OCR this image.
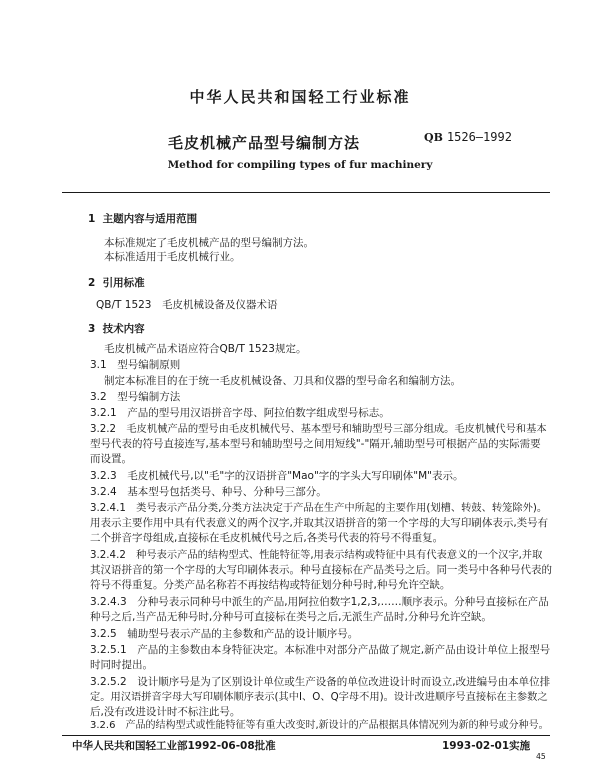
中华人民共和国轻工行业标准
毛皮机械产品型号编制方法	QB 1526—1992
Method for compiling types of fur machinery
1 主题内容与适用范围
本标准规定了毛皮机械产品的型号编制方法。
本标准适用于毛皮机械行业。
2 引用标准
QB/T 1523　毛皮机械设备及仪器术语
3 技术内容
毛皮机械产品术语应符合QB/T 1523规定。
3.1　型号编制原则
制定本标准目的在于统一毛皮机械设备、刀具和仪器的型号命名和编制方法。
3.2　型号编制方法
3.2.1　产品的型号用汉语拼音字母、阿拉伯数字组成型号标志。
3.2.2　毛皮机械产品的型号由毛皮机械代号、基本型号和辅助型号三部分组成。毛皮机械代号和基本
型号代表的符号直接连写,基本型号和辅助型号之间用短线"-"隔开,辅助型号可根据产品的实际需要
而设置。
3.2.3　毛皮机械代号,以"毛"字的汉语拼音"Mao"字的字头大写印刷体"M"表示。
3.2.4　基本型号包括类号、种号、分种号三部分。
3.2.4.1　类号表示产品分类,分类方法决定于产品在生产中所起的主要作用(划槽、转鼓、转笼除外)。
用表示主要作用中具有代表意义的两个汉字,并取其汉语拼音的第一个字母的大写印刷体表示,类号有
二个拼音字母组成,直接标在毛皮机械代号之后,各类号代表的符号不得重复。
3.2.4.2　种号表示产品的结构型式、性能特征等,用表示结构或特征中具有代表意义的一个汉字,并取
其汉语拼音的第一个字母的大写印刷体表示。种号直接标在产品类号之后。同一类号中各种号代表的
符号不得重复。分类产品名称若不再按结构或特征划分种号时,种号允许空缺。
3.2.4.3　分种号表示同种号中派生的产品,用阿拉伯数字1,2,3,……顺序表示。分种号直接标在产品
种号之后,当产品无种号时,分种号可直接标在类号之后,无派生产品时,分种号允许空缺。
3.2.5　辅助型号表示产品的主参数和产品的设计顺序号。
3.2.5.1　产品的主参数由本身特征决定。本标准中对部分产品做了规定,新产品由设计单位上报型号
时同时提出。
3.2.5.2　设计顺序号是为了区别设计单位或生产设备的单位改进设计时而设立,改进编号由本单位排
定。用汉语拼音字母大写印刷体顺序表示(其中I、O、Q字母不用)。设计改进顺序号直接标在主参数之
后,没有改进设计时不标注此号。
3.2.6　产品的结构型式或性能特征等有重大改变时,新设计的产品根据具体情况列为新的种号或分种号。
中华人民共和国轻工业部1992-06-08批准	1993-02-01实施
45
